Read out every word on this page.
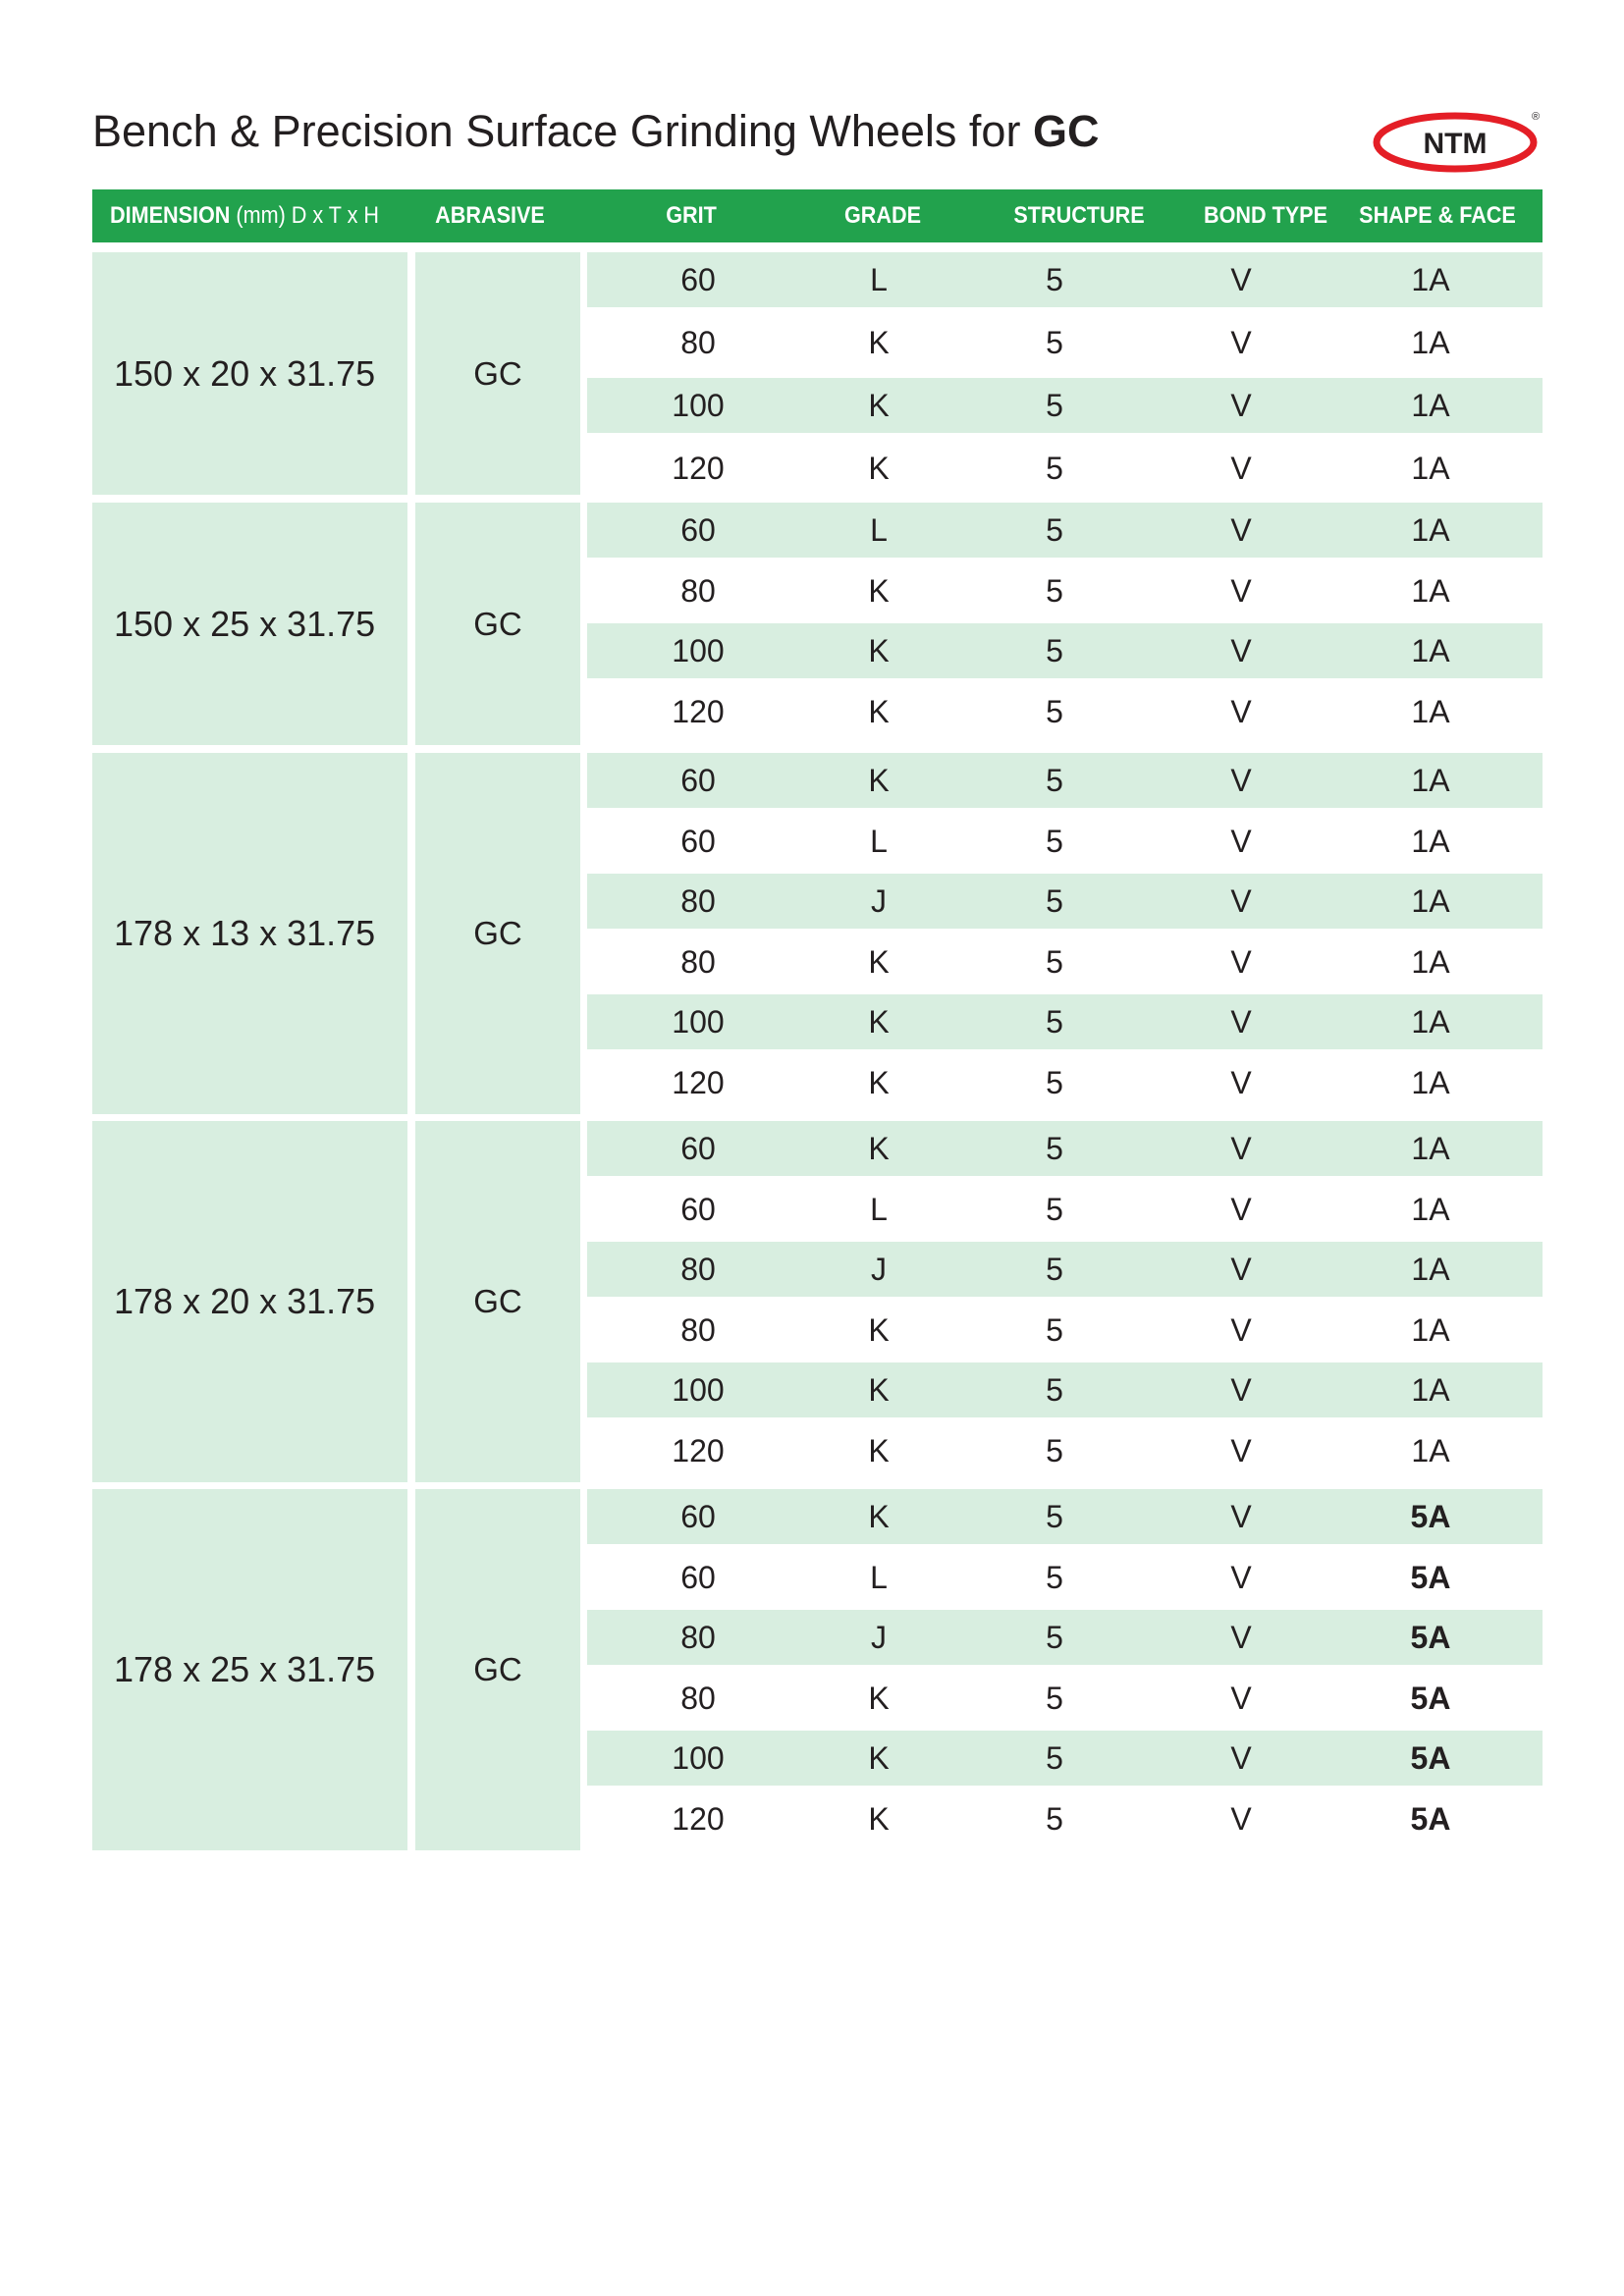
Bench & Precision Surface Grinding Wheels for GC	NTM
®
DIMENSION (mm) D x T x H	ABRASIVE	GRIT	GRADE	STRUCTURE	BOND TYPE	SHAPE & FACE
150 x 20 x 31.75	GC
60	L	5	V	1A
80	K	5	V	1A
100	K	5	V	1A
120	K	5	V	1A
150 x 25 x 31.75	GC
60	L	5	V	1A
80	K	5	V	1A
100	K	5	V	1A
120	K	5	V	1A
178 x 13 x 31.75	GC
60	K	5	V	1A
60	L	5	V	1A
80	J	5	V	1A
80	K	5	V	1A
100	K	5	V	1A
120	K	5	V	1A
178 x 20 x 31.75	GC
60	K	5	V	1A
60	L	5	V	1A
80	J	5	V	1A
80	K	5	V	1A
100	K	5	V	1A
120	K	5	V	1A
178 x 25 x 31.75	GC
60	K	5	V	5A
60	L	5	V	5A
80	J	5	V	5A
80	K	5	V	5A
100	K	5	V	5A
120	K	5	V	5A
